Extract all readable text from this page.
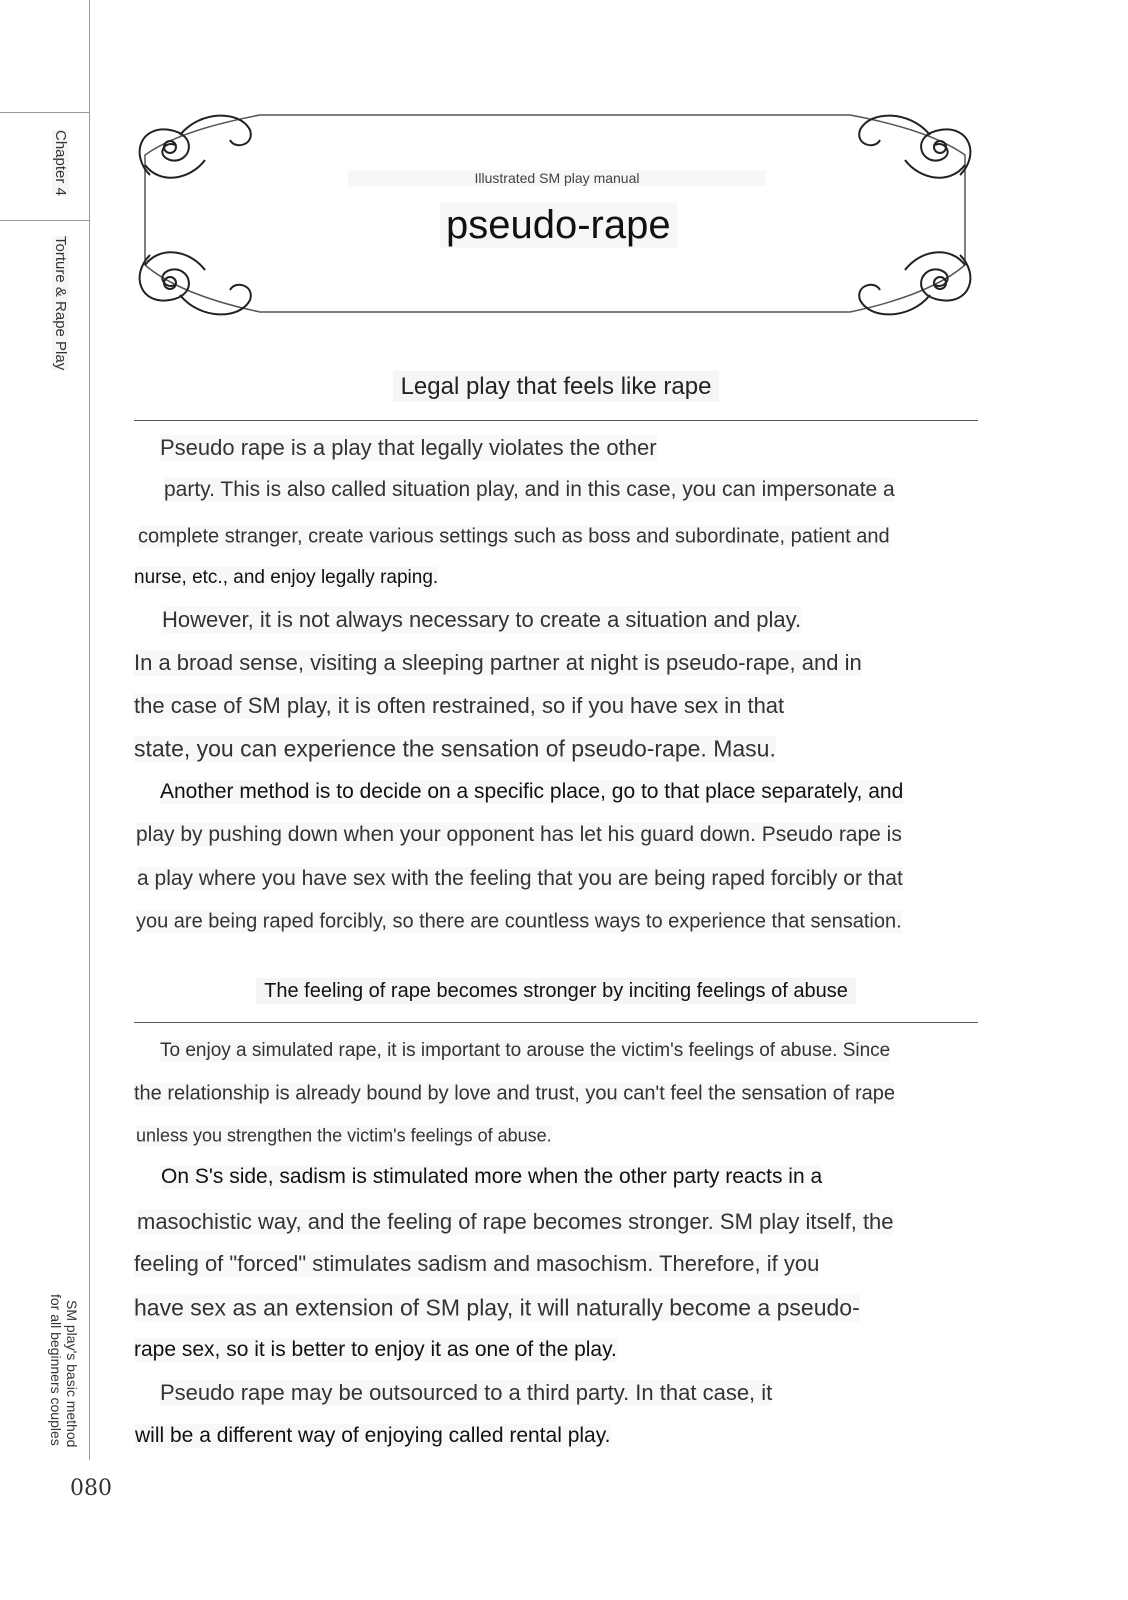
Chapter 4
Torture & Rape Play
SM play's basic method
for all beginners couples
Illustrated SM play manual
pseudo-rape
Legal play that feels like rape
Pseudo rape is a play that legally violates the other
party. This is also called situation play, and in this case, you can impersonate a
complete stranger, create various settings such as boss and subordinate, patient and
nurse, etc., and enjoy legally raping.
However, it is not always necessary to create a situation and play.
In a broad sense, visiting a sleeping partner at night is pseudo-rape, and in
the case of SM play, it is often restrained, so if you have sex in that
state, you can experience the sensation of pseudo-rape. Masu.
Another method is to decide on a specific place, go to that place separately, and
play by pushing down when your opponent has let his guard down. Pseudo rape is
a play where you have sex with the feeling that you are being raped forcibly or that
you are being raped forcibly, so there are countless ways to experience that sensation.
The feeling of rape becomes stronger by inciting feelings of abuse
To enjoy a simulated rape, it is important to arouse the victim's feelings of abuse. Since
the relationship is already bound by love and trust, you can't feel the sensation of rape
unless you strengthen the victim's feelings of abuse.
On S's side, sadism is stimulated more when the other party reacts in a
masochistic way, and the feeling of rape becomes stronger. SM play itself, the
feeling of "forced" stimulates sadism and masochism. Therefore, if you
have sex as an extension of SM play, it will naturally become a pseudo-
rape sex, so it is better to enjoy it as one of the play.
Pseudo rape may be outsourced to a third party. In that case, it
will be a different way of enjoying called rental play.
080
